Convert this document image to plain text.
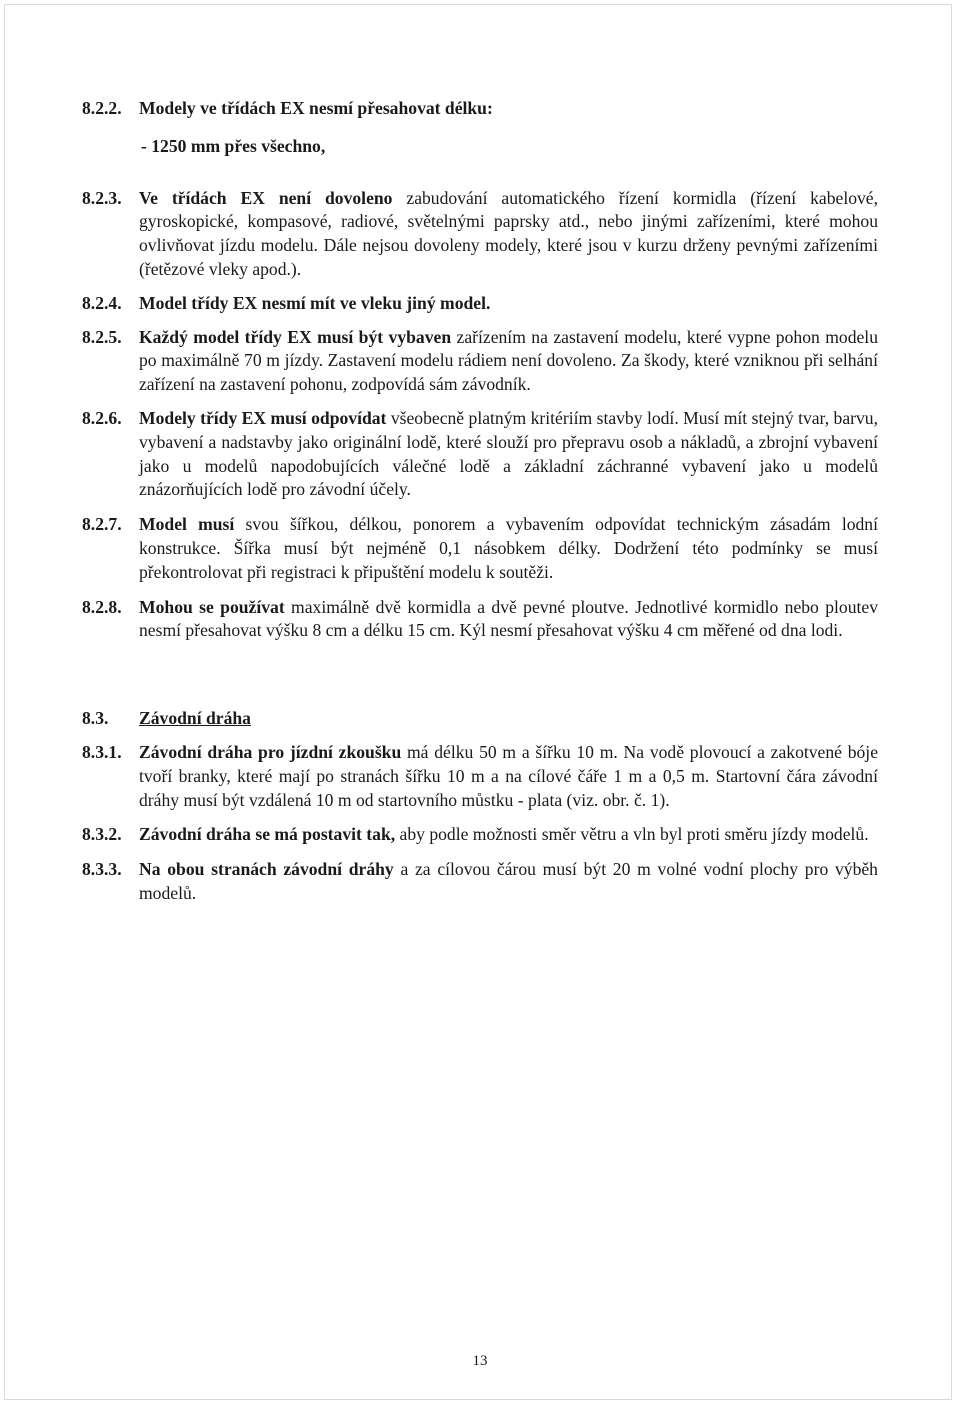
8.2.2. Modely ve třídách EX nesmí přesahovat délku:
- 1250 mm přes všechno,
8.2.3. Ve třídách EX není dovoleno zabudování automatického řízení kormidla (řízení kabelové, gyroskopické, kompasové, radiové, světelnými paprsky atd., nebo jinými zařízeními, které mohou ovlivňovat jízdu modelu. Dále nejsou dovoleny modely, které jsou v kurzu drženy pevnými zařízeními (řetězové vleky apod.).
8.2.4. Model třídy EX nesmí mít ve vleku jiný model.
8.2.5. Každý model třídy EX musí být vybaven zařízením na zastavení modelu, které vypne pohon modelu po maximálně 70 m jízdy. Zastavení modelu rádiem není dovoleno. Za škody, které vzniknou při selhání zařízení na zastavení pohonu, zodpovídá sám závodník.
8.2.6. Modely třídy EX musí odpovídat všeobecně platným kritériím stavby lodí. Musí mít stejný tvar, barvu, vybavení a nadstavby jako originální lodě, které slouží pro přepravu osob a nákladů, a zbrojní vybavení jako u modelů napodobujících válečné lodě a základní záchranné vybavení jako u modelů znázorňujících lodě pro závodní účely.
8.2.7. Model musí svou šířkou, délkou, ponorem a vybavením odpovídat technickým zásadám lodní konstrukce. Šířka musí být nejméně 0,1 násobkem délky. Dodržení této podmínky se musí překontrolovat při registraci k připuštění modelu k soutěži.
8.2.8. Mohou se používat maximálně dvě kormidla a dvě pevné ploutve. Jednotlivé kormidlo nebo ploutev nesmí přesahovat výšku 8 cm a délku 15 cm. Kýl nesmí přesahovat výšku 4 cm měřené od dna lodi.
8.3.	Závodní dráha
8.3.1. Závodní dráha pro jízdní zkoušku má délku 50 m a šířku 10 m. Na vodě plovoucí a zakotvené bóje tvoří branky, které mají po stranách šířku 10 m a na cílové čáře 1 m a 0,5 m. Startovní čára závodní dráhy musí být vzdálená 10 m od startovního můstku - plata (viz. obr. č. 1).
8.3.2. Závodní dráha se má postavit tak, aby podle možnosti směr větru a vln byl proti směru jízdy modelů.
8.3.3. Na obou stranách závodní dráhy a za cílovou čárou musí být 20 m volné vodní plochy pro výběh modelů.
13
